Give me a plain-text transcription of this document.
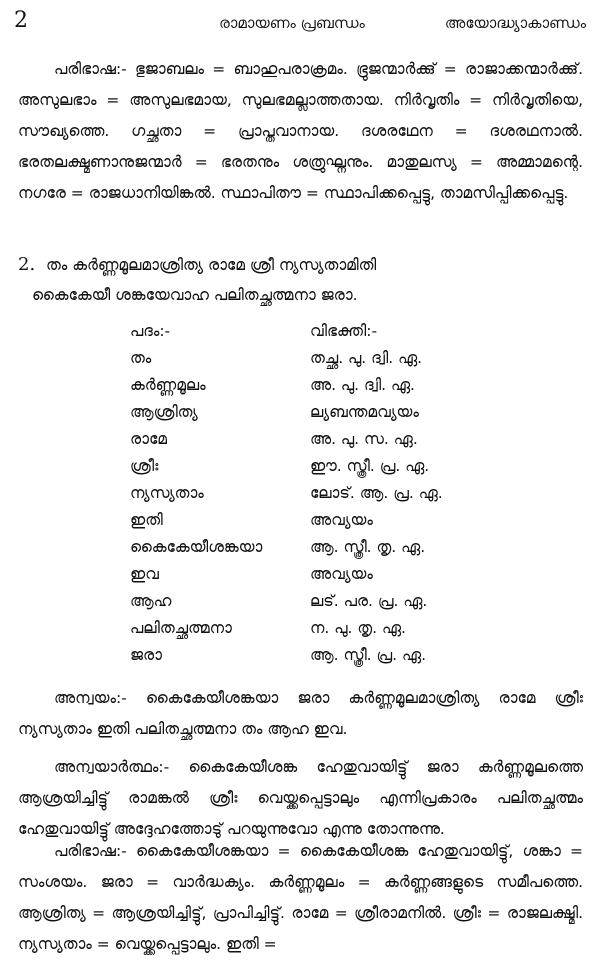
2	രാമായണം പ്രബന്ധം	അയോദ്ധ്യാകാണ്ഡം

പരിഭാഷ:- ഭുജാബലം = ബാഹുപരാക്രമം. ഭ്രുജന്മാർക്കു് = രാജാക്കന്മാർക്കു്. അസുലഭാം = അസുലഭമായ, സുലഭമല്ലാത്തതായ. നിർവൃതിം = നിർവൃതിയെ, സൗഖ്യത്തെ. ഗച്ഛതാ = പ്രാപ്തവാനായ. ദശരഥേന = ദശരഥനാൽ. ഭരതലക്ഷ്മണാനുജന്മാർ = ഭരതനും ശത്രുഘ്നനും. മാതുലസ്യ = അമ്മാമന്റെ. നഗരേ = രാജധാനിയിങ്കൽ. സ്ഥാപിതൗ = സ്ഥാപിക്കപ്പെട്ടു, താമസിപ്പിക്കപ്പെട്ടു.

2. തം കർണ്ണമൂലമാശ്രിത്യ രാമേ ശ്രീ ന്യസ്യതാമിതി
കൈകേയീ ശങ്കയേവാഹ പലിതച്ഛത്മനാ ജരാ.
പദം:-	വിഭക്തി:-
തം	തച്ഛ. പു. ദ്വി. ഏ.
കർണ്ണമൂലം	അ. പു. ദ്വി. ഏ.
ആശ്രിത്യ	ല്യബന്തമവ്യയം
രാമേ	അ. പു. സ. ഏ.
ശ്രീഃ	ഈ. സ്ത്രീ. പ്ര. ഏ.
ന്യസ്യതാം	ലോട്. ആ. പ്ര. ഏ.
ഇതി	അവ്യയം
കൈകേയീശങ്കയാ	ആ. സ്ത്രീ. തൃ. ഏ.
ഇവ	അവ്യയം
ആഹ	ലട്. പര. പ്ര. ഏ.
പലിതച്ഛത്മനാ	ന. പു. തൃ. ഏ.
ജരാ	ആ. സ്ത്രീ. പ്ര. ഏ.

അന്വയം:- കൈകേയീശങ്കയാ ജരാ കർണ്ണമൂലമാശ്രിത്യ രാമേ ശ്രീഃ ന്യസ്യതാം ഇതി പലിതച്ഛത്മനാ തം ആഹ ഇവ.

അന്വയാർത്ഥം:- കൈകേയീശങ്ക ഹേതുവായിട്ടു് ജരാ കർണ്ണമൂലത്തെ ആശ്രയിച്ചിട്ടു് രാമങ്കൽ ശ്രീഃ വെയ്ക്കപ്പെട്ടാലും എന്നിപ്രകാരം പലിതച്ഛത്മം ഹേതുവായിട്ടു് അദ്ദേഹത്തോടു് പറയുന്നുവോ എന്നു തോന്നുന്നു.

പരിഭാഷ:- കൈകേയീശങ്കയാ = കൈകേയീശങ്ക ഹേതുവായിട്ടു്, ശങ്കാ = സംശയം. ജരാ = വാർദ്ധക്യം. കർണ്ണമൂലം = കർണ്ണങ്ങളുടെ സമീപത്തെ. ആശ്രിത്യ = ആശ്രയിച്ചിട്ടു്, പ്രാപിച്ചിട്ടു്. രാമേ = ശ്രീരാമനിൽ. ശ്രീഃ = രാജലക്ഷ്മി. ന്യസ്യതാം = വെയ്ക്കപ്പെട്ടാലും. ഇതി =
